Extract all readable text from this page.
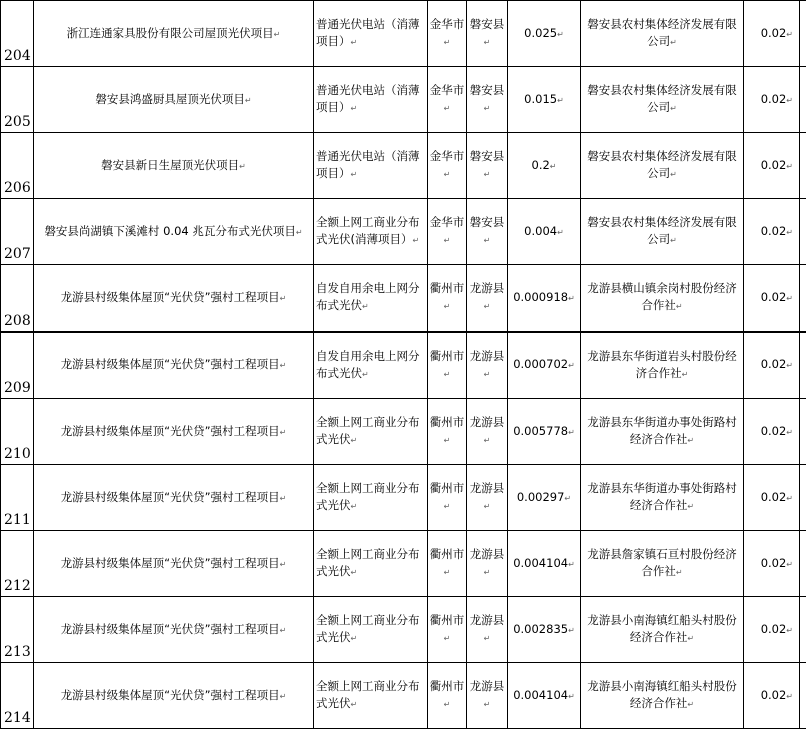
204	浙江连通家具股份有限公司屋顶光伏项目↵	普通光伏电站（消薄项目）↵	金华市↵	磐安县↵	0.025↵	磐安县农村集体经济发展有限公司↵	0.02↵	
205	磐安县鸿盛厨具屋顶光伏项目↵	普通光伏电站（消薄项目）↵	金华市↵	磐安县↵	0.015↵	磐安县农村集体经济发展有限公司↵	0.02↵	
206	磐安县新日生屋顶光伏项目↵	普通光伏电站（消薄项目）↵	金华市↵	磐安县↵	0.2↵	磐安县农村集体经济发展有限公司↵	0.02↵	
207	磐安县尚湖镇下溪滩村 0.04 兆瓦分布式光伏项目↵	全额上网工商业分布式光伏(消薄项目）↵	金华市↵	磐安县↵	0.004↵	磐安县农村集体经济发展有限公司↵	0.02↵	
208	龙游县村级集体屋顶“光伏贷”强村工程项目↵	自发自用余电上网分布式光伏↵	衢州市↵	龙游县↵	0.000918↵	龙游县横山镇余岗村股份经济合作社↵	0.02↵	
209	龙游县村级集体屋顶“光伏贷”强村工程项目↵	自发自用余电上网分布式光伏↵	衢州市↵	龙游县↵	0.000702↵	龙游县东华街道岩头村股份经济合作社↵	0.02↵	
210	龙游县村级集体屋顶“光伏贷”强村工程项目↵	全额上网工商业分布式光伏↵	衢州市↵	龙游县↵	0.005778↵	龙游县东华街道办事处街路村经济合作社↵	0.02↵	
211	龙游县村级集体屋顶“光伏贷”强村工程项目↵	全额上网工商业分布式光伏↵	衢州市↵	龙游县↵	0.00297↵	龙游县东华街道办事处街路村经济合作社↵	0.02↵	
212	龙游县村级集体屋顶“光伏贷”强村工程项目↵	全额上网工商业分布式光伏↵	衢州市↵	龙游县↵	0.004104↵	龙游县詹家镇石亘村股份经济合作社↵	0.02↵	
213	龙游县村级集体屋顶“光伏贷”强村工程项目↵	全额上网工商业分布式光伏↵	衢州市↵	龙游县↵	0.002835↵	龙游县小南海镇红船头村股份经济合作社↵	0.02↵	
214	龙游县村级集体屋顶“光伏贷”强村工程项目↵	全额上网工商业分布式光伏↵	衢州市↵	龙游县↵	0.004104↵	龙游县小南海镇红船头村股份经济合作社↵	0.02↵	
